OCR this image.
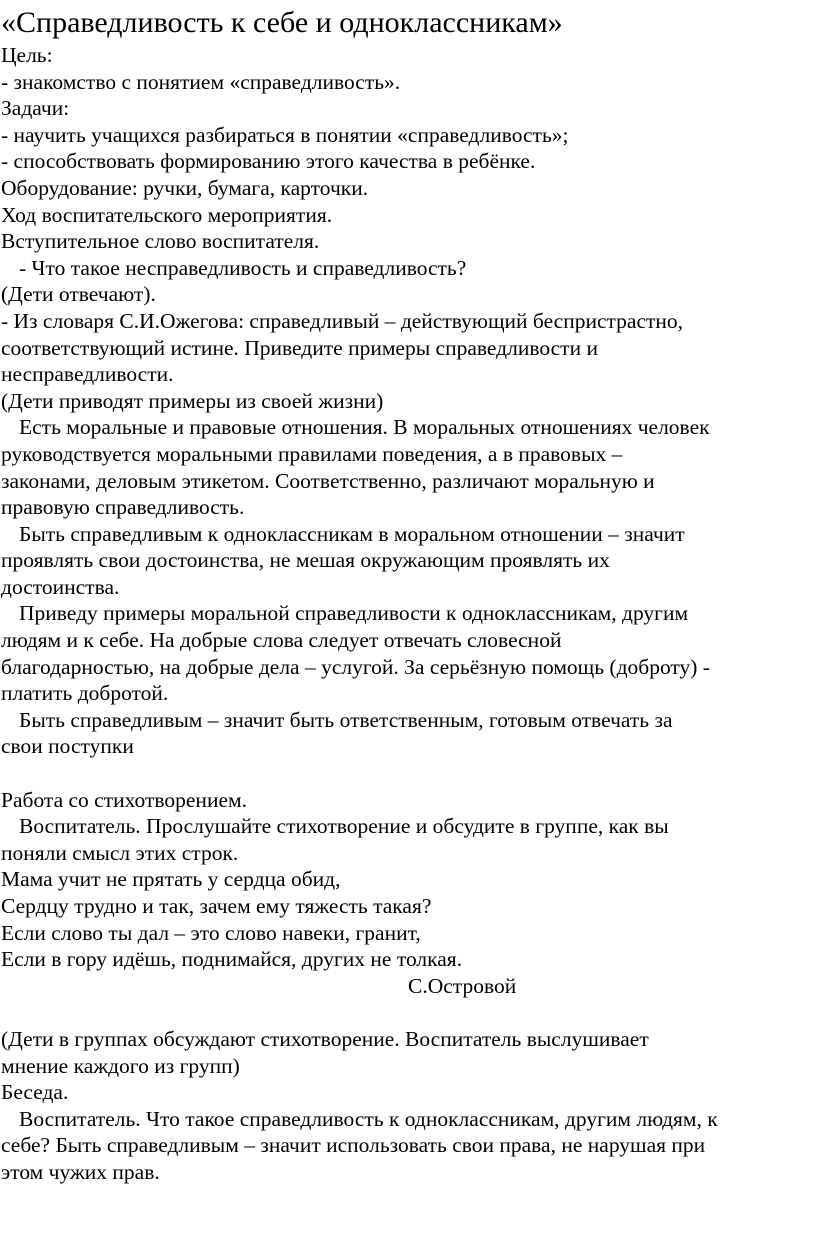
«Справедливость к себе и одноклассникам»

Цель:

- знакомство с понятием «справедливость».

Задачи:

- научить учащихся разбираться в понятии «справедливость»;

- способствовать формированию этого качества в ребёнке.

Оборудование: ручки, бумага, карточки.

Ход воспитательского мероприятия.

Вступительное слово воспитателя.

- Что такое несправедливость и справедливость?

(Дети отвечают).

- Из словаря С.И.Ожегова: справедливый – действующий беспристрастно,

соответствующий истине. Приведите примеры справедливости и

несправедливости.

(Дети приводят примеры из своей жизни)

Есть моральные и правовые отношения. В моральных отношениях человек

руководствуется моральными правилами поведения, а в правовых –

законами, деловым этикетом. Соответственно, различают моральную и

правовую справедливость.

Быть справедливым к одноклассникам в моральном отношении – значит

проявлять свои достоинства, не мешая окружающим проявлять их

достоинства.

Приведу примеры моральной справедливости к одноклассникам, другим

людям и к себе. На добрые слова следует отвечать словесной

благодарностью, на добрые дела – услугой. За серьёзную помощь (доброту) -

платить добротой.

Быть справедливым – значит быть ответственным, готовым отвечать за

свои поступки

Работа со стихотворением.

Воспитатель. Прослушайте стихотворение и обсудите в группе, как вы

поняли смысл этих строк.

Мама учит не прятать у сердца обид,

Сердцу трудно и так, зачем ему тяжесть такая?

Если слово ты дал – это слово навеки, гранит,

Если в гору идёшь, поднимайся, других не толкая.

С.Островой

(Дети в группах обсуждают стихотворение. Воспитатель выслушивает

мнение каждого из групп)

Беседа.

Воспитатель. Что такое справедливость к одноклассникам, другим людям, к

себе? Быть справедливым – значит использовать свои права, не нарушая при

этом чужих прав.
